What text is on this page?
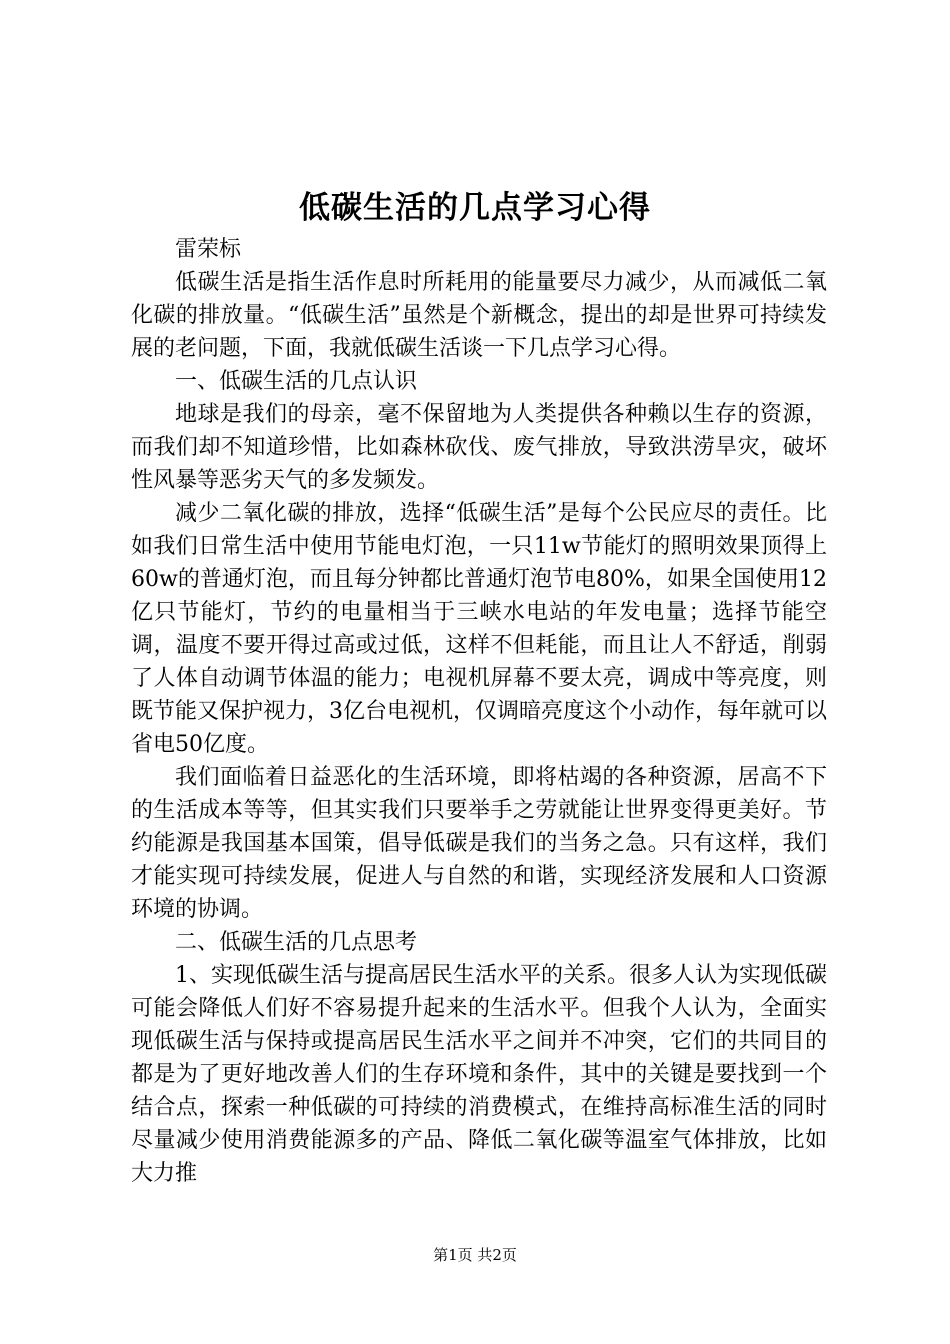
低碳生活的几点学习心得

雷荣标

低碳生活是指生活作息时所耗用的能量要尽力减少，从而减低二氧化碳的排放量。“低碳生活”虽然是个新概念，提出的却是世界可持续发展的老问题，下面，我就低碳生活谈一下几点学习心得。

一、低碳生活的几点认识

地球是我们的母亲，毫不保留地为人类提供各种赖以生存的资源，而我们却不知道珍惜，比如森林砍伐、废气排放，导致洪涝旱灾，破坏性风暴等恶劣天气的多发频发。

减少二氧化碳的排放，选择“低碳生活”是每个公民应尽的责任。比如我们日常生活中使用节能电灯泡，一只11w节能灯的照明效果顶得上60w的普通灯泡，而且每分钟都比普通灯泡节电80%，如果全国使用12亿只节能灯，节约的电量相当于三峡水电站的年发电量；选择节能空调，温度不要开得过高或过低，这样不但耗能，而且让人不舒适，削弱了人体自动调节体温的能力；电视机屏幕不要太亮，调成中等亮度，则既节能又保护视力，3亿台电视机，仅调暗亮度这个小动作，每年就可以省电50亿度。

我们面临着日益恶化的生活环境，即将枯竭的各种资源，居高不下的生活成本等等，但其实我们只要举手之劳就能让世界变得更美好。节约能源是我国基本国策，倡导低碳是我们的当务之急。只有这样，我们才能实现可持续发展，促进人与自然的和谐，实现经济发展和人口资源环境的协调。

二、低碳生活的几点思考

1、实现低碳生活与提高居民生活水平的关系。很多人认为实现低碳可能会降低人们好不容易提升起来的生活水平。但我个人认为，全面实现低碳生活与保持或提高居民生活水平之间并不冲突，它们的共同目的都是为了更好地改善人们的生存环境和条件，其中的关键是要找到一个结合点，探索一种低碳的可持续的消费模式，在维持高标准生活的同时尽量减少使用消费能源多的产品、降低二氧化碳等温室气体排放，比如大力推

第1页 共2页
